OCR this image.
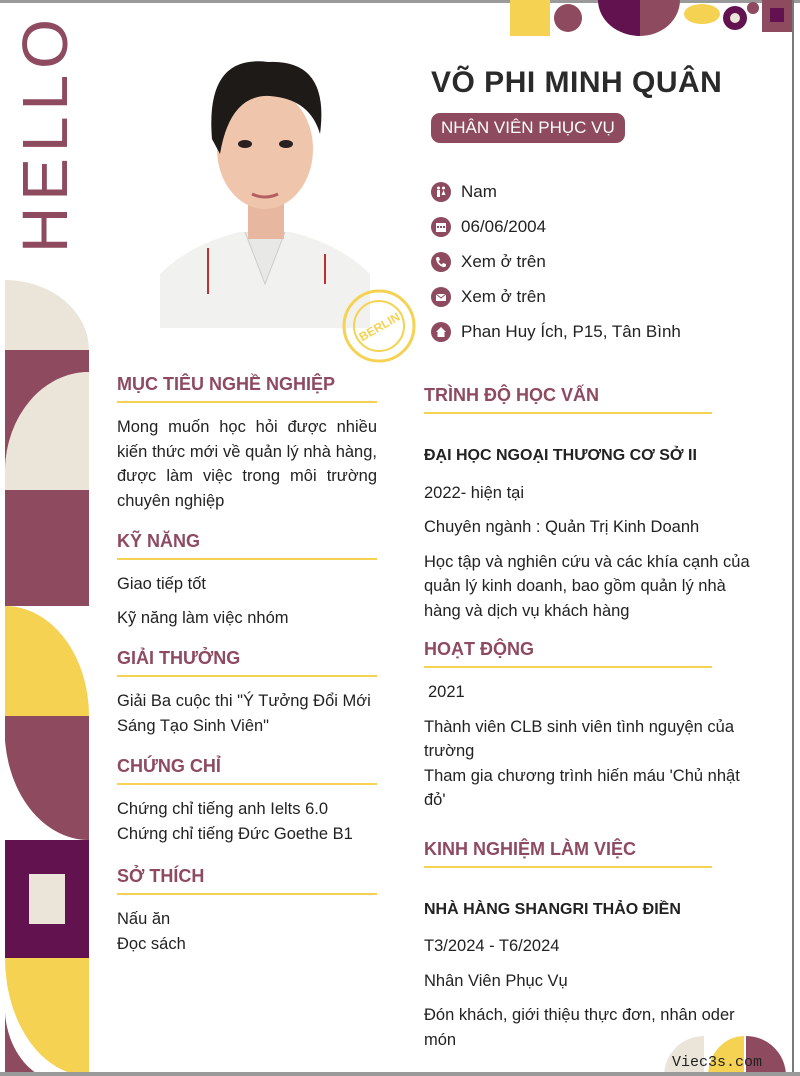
HELLO
BERLIN
VÕ PHI MINH QUÂN
NHÂN VIÊN PHỤC VỤ
Nam
06/06/2004
Xem ở trên
Xem ở trên
Phan Huy Ích, P15, Tân Bình
MỤC TIÊU NGHỀ NGHIỆP
Mong muốn học hỏi được nhiều kiến thức mới về quản lý nhà hàng, được làm việc trong môi trường chuyên nghiệp
KỸ NĂNG
Giao tiếp tốt
Kỹ năng làm việc nhóm
GIẢI THƯỞNG
Giải Ba cuộc thi "Ý Tưởng Đổi Mới Sáng Tạo Sinh Viên"
CHỨNG CHỈ
Chứng chỉ tiếng anh Ielts 6.0
Chứng chỉ tiếng Đức Goethe B1
SỞ THÍCH
Nấu ăn
Đọc sách
TRÌNH ĐỘ HỌC VẤN
ĐẠI HỌC NGOẠI THƯƠNG CƠ SỞ II
2022- hiện tại
Chuyên ngành : Quản Trị Kinh Doanh
Học tập và nghiên cứu và các khía cạnh của quản lý kinh doanh, bao gồm quản lý nhà hàng và dịch vụ khách hàng
HOẠT ĐỘNG
2021
Thành viên CLB sinh viên tình nguyện của trường
Tham gia chương trình hiến máu 'Chủ nhật đỏ'
KINH NGHIỆM LÀM VIỆC
NHÀ HÀNG SHANGRI THẢO ĐIỀN
T3/2024 - T6/2024
Nhân Viên Phục Vụ
Đón khách, giới thiệu thực đơn, nhân oder món
Viec3s.com
